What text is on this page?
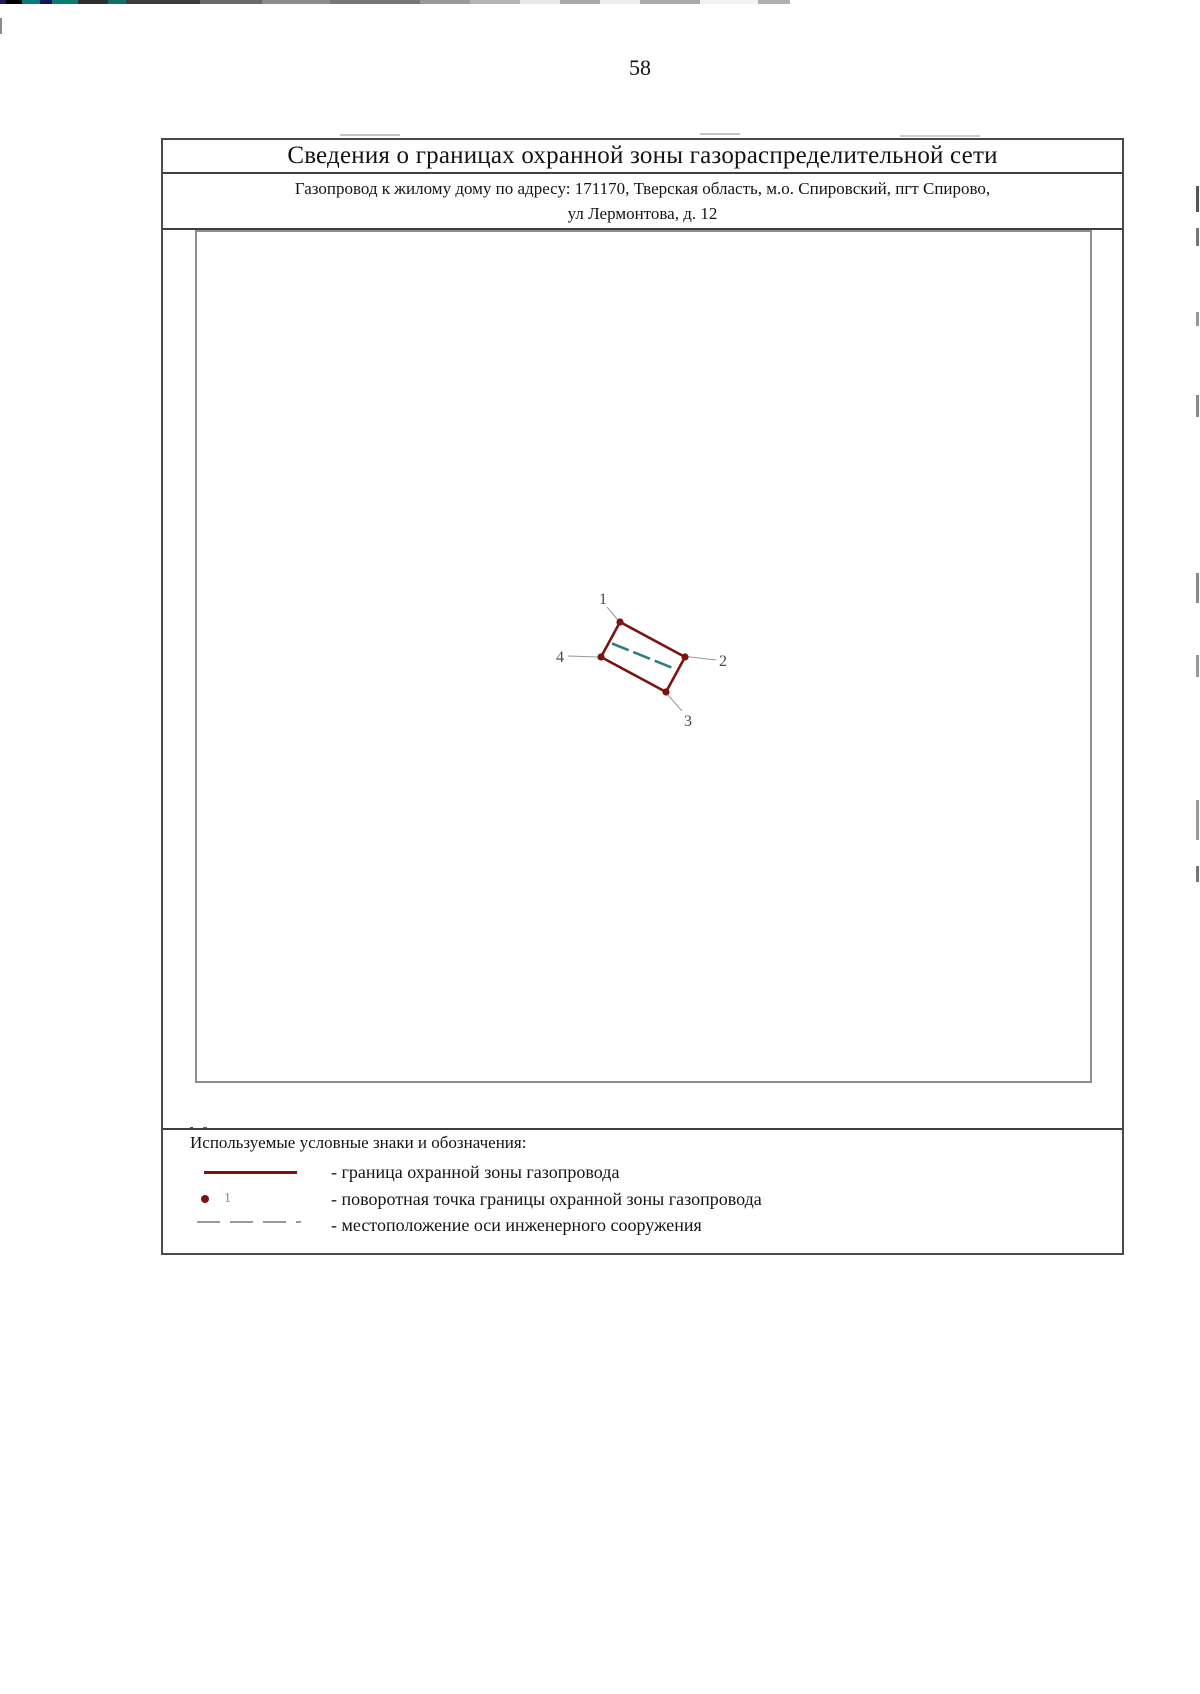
58
Сведения о границах охранной зоны газораспределительной сети
Газопровод к жилому дому по адресу: 171170, Тверская область, м.о. Спировский, пгт Спирово,
ул Лермонтова, д. 12
1
2
3
4
Используемые условные знаки и обозначения:
- граница охранной зоны газопровода
1	- поворотная точка границы охранной зоны газопровода
- местоположение оси инженерного сооружения
